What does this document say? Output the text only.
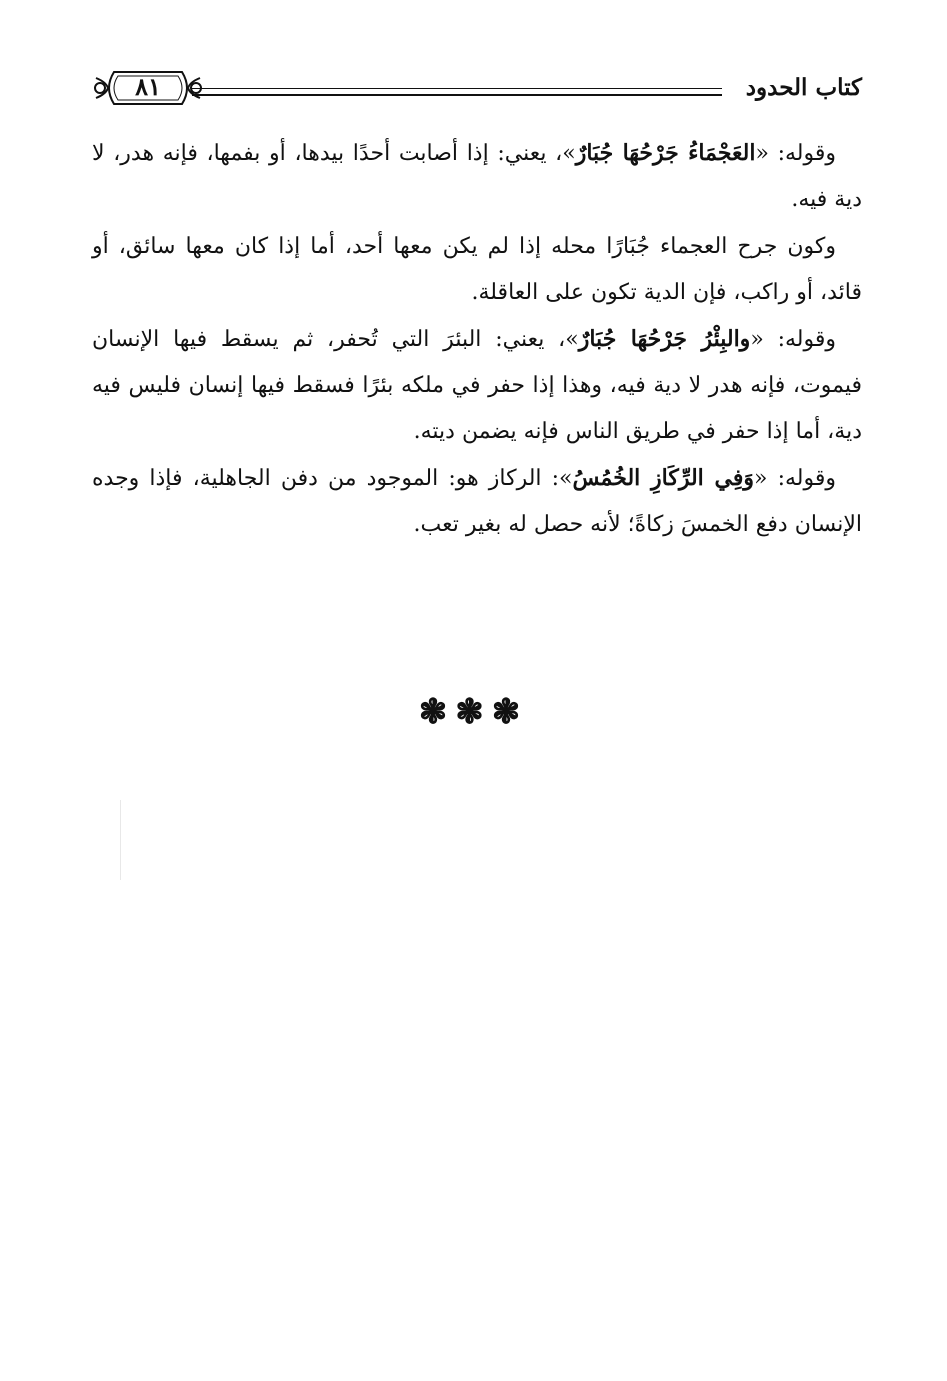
كتاب الحدود
٨١

وقوله: «العَجْمَاءُ جَرْحُهَا جُبَارٌ»، يعني: إذا أصابت أحدًا بيدها، أو بفمها، فإنه هدر، لا دية فيه.

وكون جرح العجماء جُبَارًا محله إذا لم يكن معها أحد، أما إذا كان معها سائق، أو قائد، أو راكب، فإن الدية تكون على العاقلة.

وقوله: «والبِئْرُ جَرْحُهَا جُبَارٌ»، يعني: البئرَ التي تُحفر، ثم يسقط فيها الإنسان فيموت، فإنه هدر لا دية فيه، وهذا إذا حفر في ملكه بئرًا فسقط فيها إنسان فليس فيه دية، أما إذا حفر في طريق الناس فإنه يضمن ديته.

وقوله: «وَفِي الرِّكَازِ الخُمُسُ»: الركاز هو: الموجود من دفن الجاهلية، فإذا وجده الإنسان دفع الخمسَ زكاةً؛ لأنه حصل له بغير تعب.

❃❃❃
